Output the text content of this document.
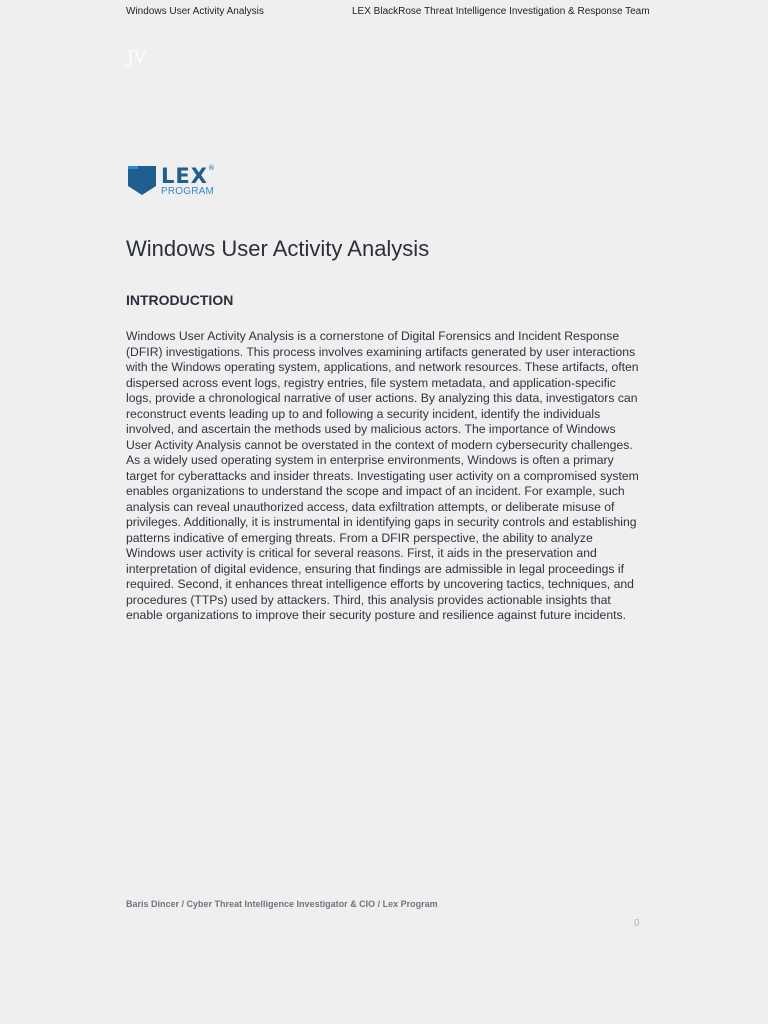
Windows User Activity Analysis	LEX BlackRose Threat Intelligence Investigation & Response Team
JV
LEX ®
PROGRAM
Windows User Activity Analysis
INTRODUCTION

Windows User Activity Analysis is a cornerstone of Digital Forensics and Incident Response (DFIR) investigations. This process involves examining artifacts generated by user interactions with the Windows operating system, applications, and network resources. These artifacts, often dispersed across event logs, registry entries, file system metadata, and application-specific logs, provide a chronological narrative of user actions. By analyzing this data, investigators can reconstruct events leading up to and following a security incident, identify the individuals involved, and ascertain the methods used by malicious actors. The importance of Windows User Activity Analysis cannot be overstated in the context of modern cybersecurity challenges. As a widely used operating system in enterprise environments, Windows is often a primary target for cyberattacks and insider threats. Investigating user activity on a compromised system enables organizations to understand the scope and impact of an incident. For example, such analysis can reveal unauthorized access, data exfiltration attempts, or deliberate misuse of privileges. Additionally, it is instrumental in identifying gaps in security controls and establishing patterns indicative of emerging threats. From a DFIR perspective, the ability to analyze Windows user activity is critical for several reasons. First, it aids in the preservation and interpretation of digital evidence, ensuring that findings are admissible in legal proceedings if required. Second, it enhances threat intelligence efforts by uncovering tactics, techniques, and procedures (TTPs) used by attackers. Third, this analysis provides actionable insights that enable organizations to improve their security posture and resilience against future incidents.

Baris Dincer / Cyber Threat Intelligence Investigator & CIO / Lex Program
0
